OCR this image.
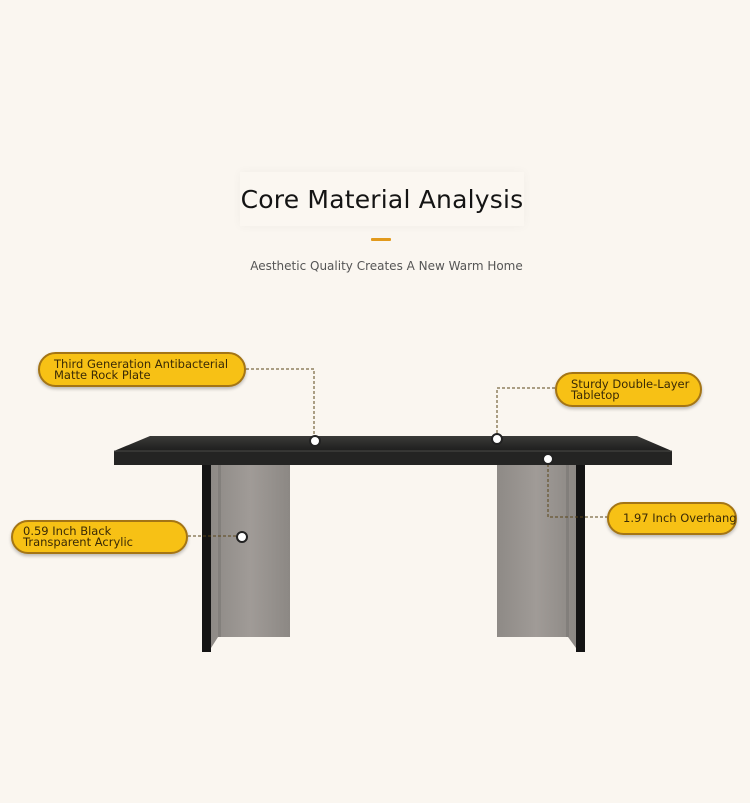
Core Material Analysis
Aesthetic Quality Creates A New Warm Home
Third Generation Antibacterial
Matte Rock Plate
Sturdy Double-Layer
Tabletop
0.59 Inch Black
Transparent Acrylic
1.97 Inch Overhang
